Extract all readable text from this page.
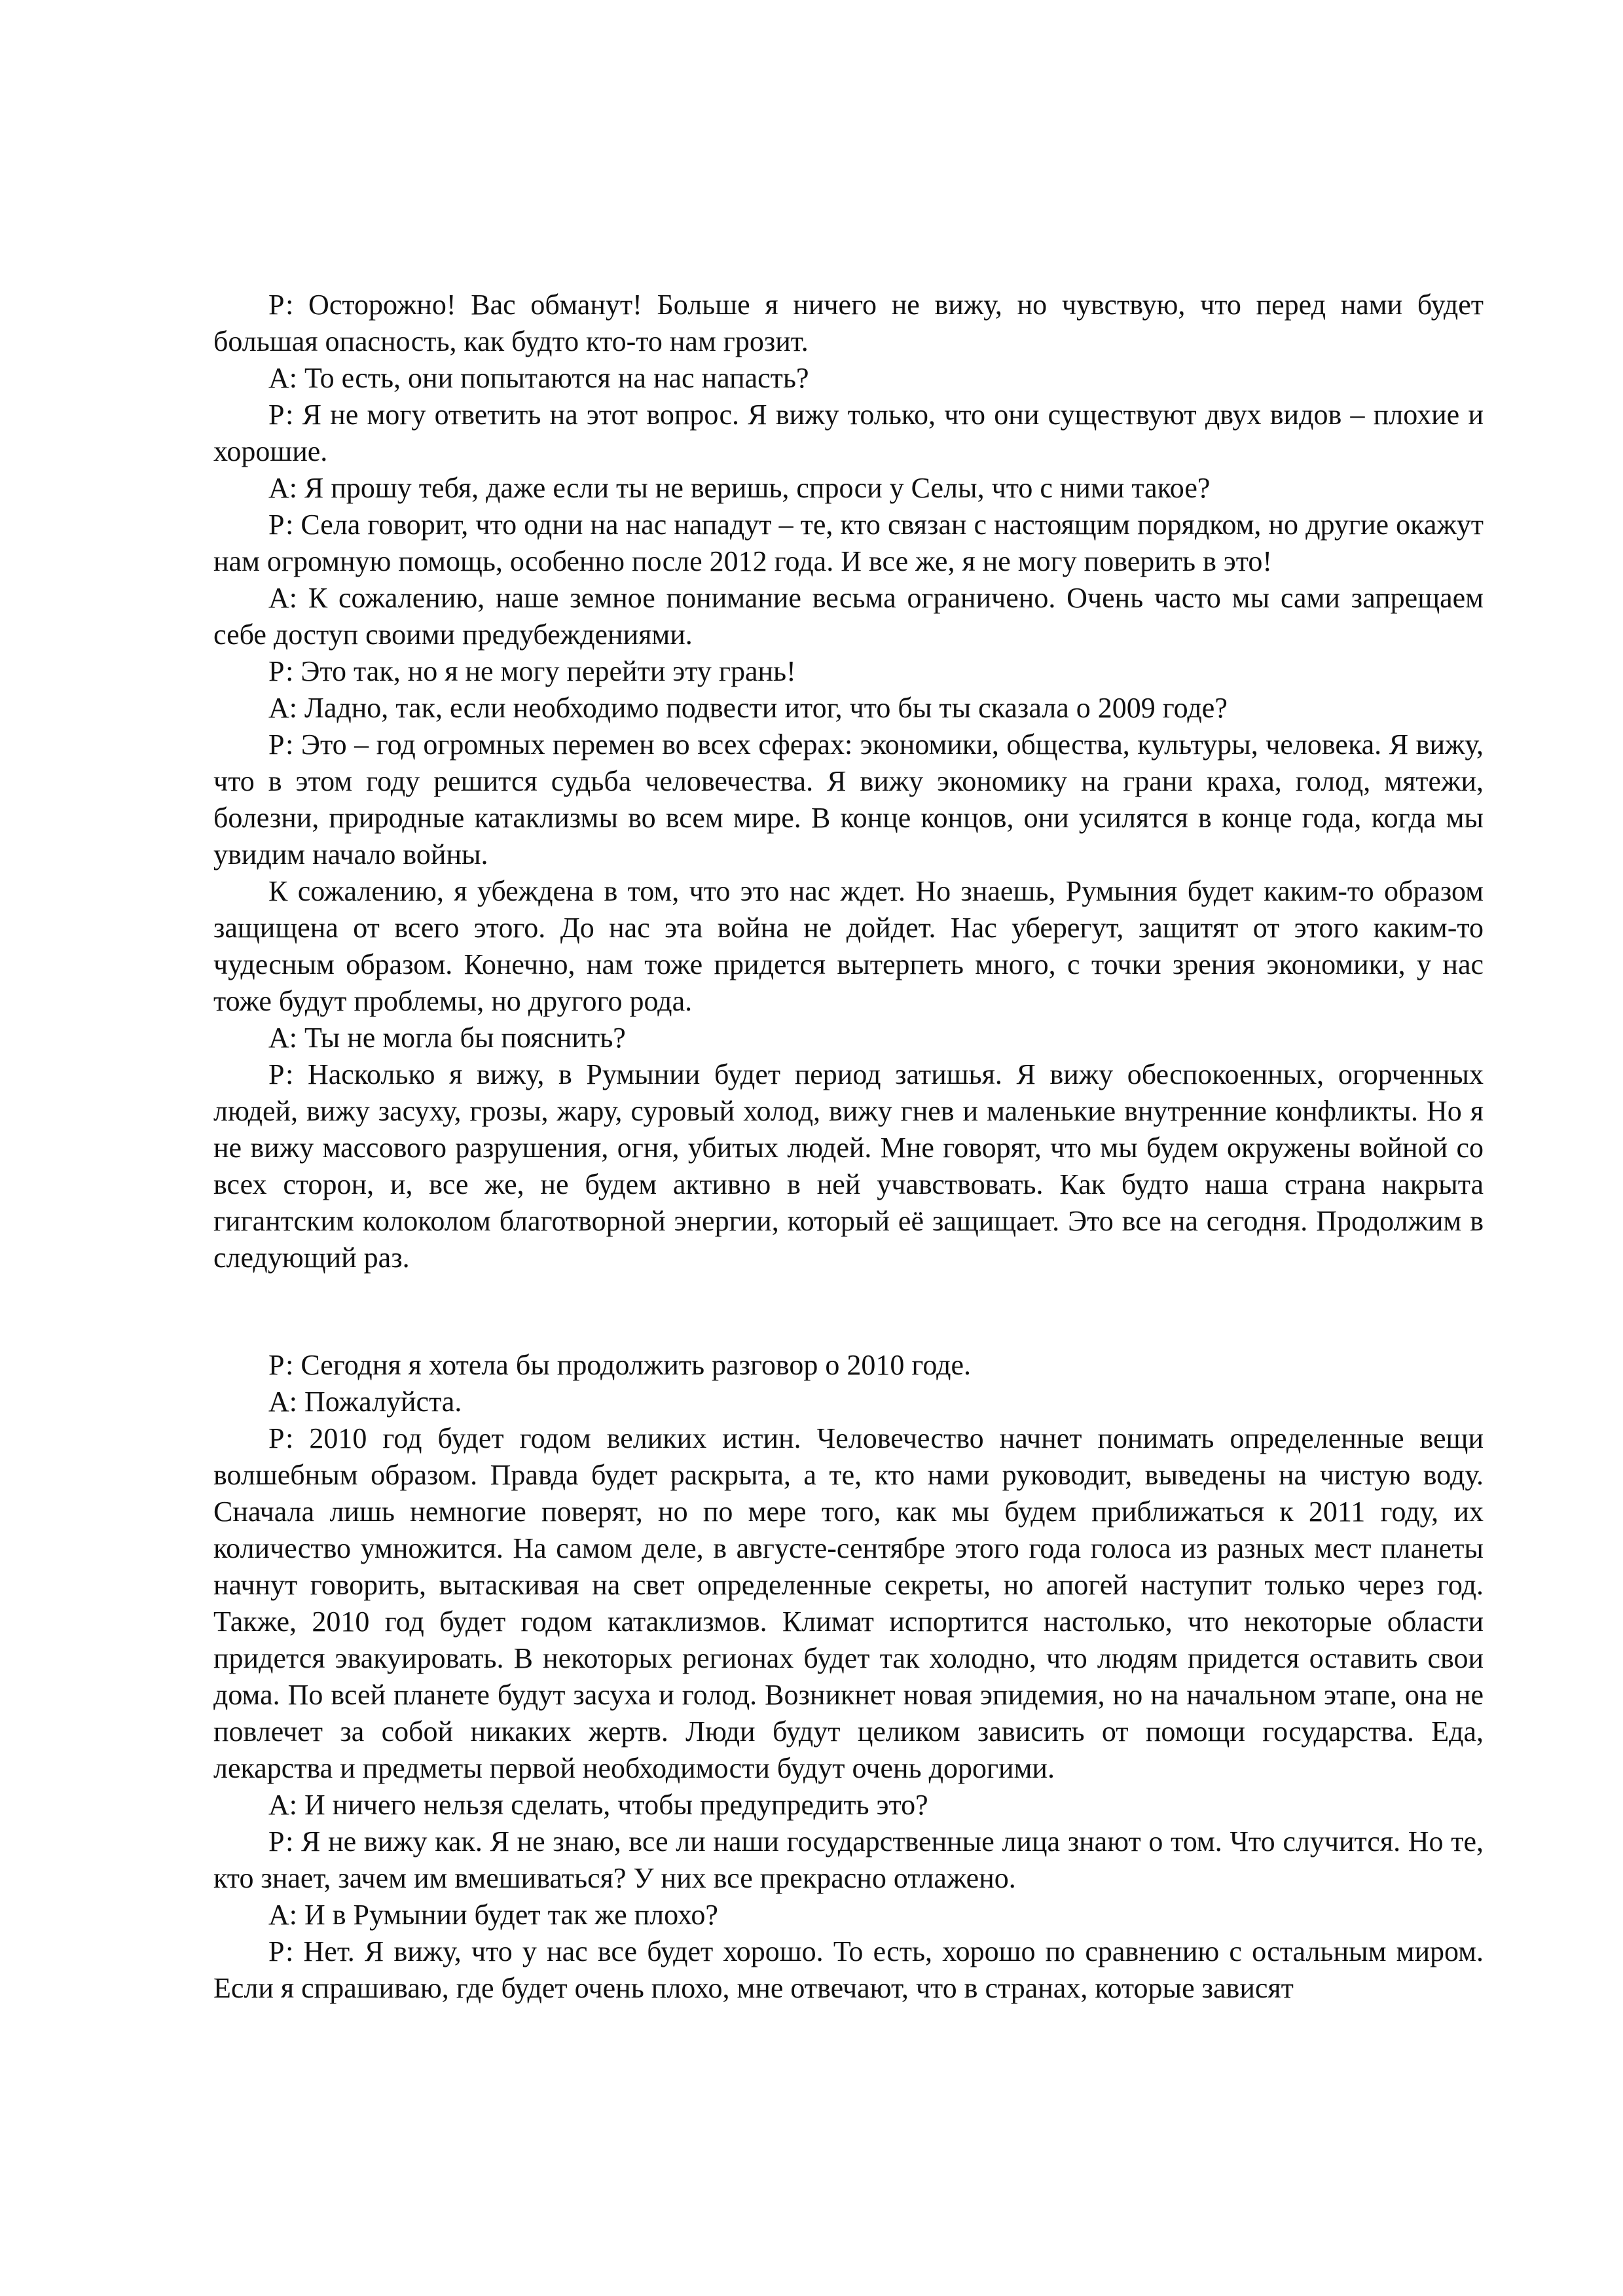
Р: Осторожно! Вас обманут! Больше я ничего не вижу, но чувствую, что перед нами будет большая опасность, как будто кто-то нам грозит.

А: То есть, они попытаются на нас напасть?

Р: Я не могу ответить на этот вопрос. Я вижу только, что они существуют двух видов – плохие и хорошие.

А: Я прошу тебя, даже если ты не веришь, спроси у Селы, что с ними такое?

Р: Села говорит, что одни на нас нападут – те, кто связан с настоящим порядком, но другие окажут нам огромную помощь, особенно после 2012 года. И все же, я не могу поверить в это!

А: К сожалению, наше земное понимание весьма ограничено. Очень часто мы сами запрещаем себе доступ своими предубеждениями.

Р: Это так, но я не могу перейти эту грань!

А: Ладно, так, если необходимо подвести итог, что бы ты сказала о 2009 годе?

Р: Это – год огромных перемен во всех сферах: экономики, общества, культуры, человека. Я вижу, что в этом году решится судьба человечества. Я вижу экономику на грани краха, голод, мятежи, болезни, природные катаклизмы во всем мире. В конце концов, они усилятся в конце года, когда мы увидим начало войны.

К сожалению, я убеждена в том, что это нас ждет. Но знаешь, Румыния будет каким-то образом защищена от всего этого. До нас эта война не дойдет. Нас уберегут, защитят от этого каким-то чудесным образом. Конечно, нам тоже придется вытерпеть много, с точки зрения экономики, у нас тоже будут проблемы, но другого рода.

А: Ты не могла бы пояснить?

Р: Насколько я вижу, в Румынии будет период затишья. Я вижу обеспокоенных, огорченных людей, вижу засуху, грозы, жару, суровый холод, вижу гнев и маленькие внутренние конфликты. Но я не вижу массового разрушения, огня, убитых людей. Мне говорят, что мы будем окружены войной со всех сторон, и, все же, не будем активно в ней учавствовать. Как будто наша страна накрыта гигантским колоколом благотворной энергии, который её защищает. Это все на сегодня. Продолжим в следующий раз.

Р: Сегодня я хотела бы продолжить разговор о 2010 годе.

А: Пожалуйста.

Р: 2010 год будет годом великих истин. Человечество начнет понимать определенные вещи волшебным образом. Правда будет раскрыта, а те, кто нами руководит, выведены на чистую воду. Сначала лишь немногие поверят, но по мере того, как мы будем приближаться к 2011 году, их количество умножится. На самом деле, в августе-сентябре этого года голоса из разных мест планеты начнут говорить, вытаскивая на свет определенные секреты, но апогей наступит только через год. Также, 2010 год будет годом катаклизмов. Климат испортится настолько, что некоторые области придется эвакуировать. В некоторых регионах будет так холодно, что людям придется оставить свои дома. По всей планете будут засуха и голод. Возникнет новая эпидемия, но на начальном этапе, она не повлечет за собой никаких жертв. Люди будут целиком зависить от помощи государства. Еда, лекарства и предметы первой необходимости будут очень дорогими.

А: И ничего нельзя сделать, чтобы предупредить это?

Р: Я не вижу как. Я не знаю, все ли наши государственные лица знают о том. Что случится. Но те, кто знает, зачем им вмешиваться? У них все прекрасно отлажено.

А: И в Румынии будет так же плохо?

Р: Нет. Я вижу, что у нас все будет хорошо. То есть, хорошо по сравнению с остальным миром. Если я спрашиваю, где будет очень плохо, мне отвечают, что в странах, которые зависят
